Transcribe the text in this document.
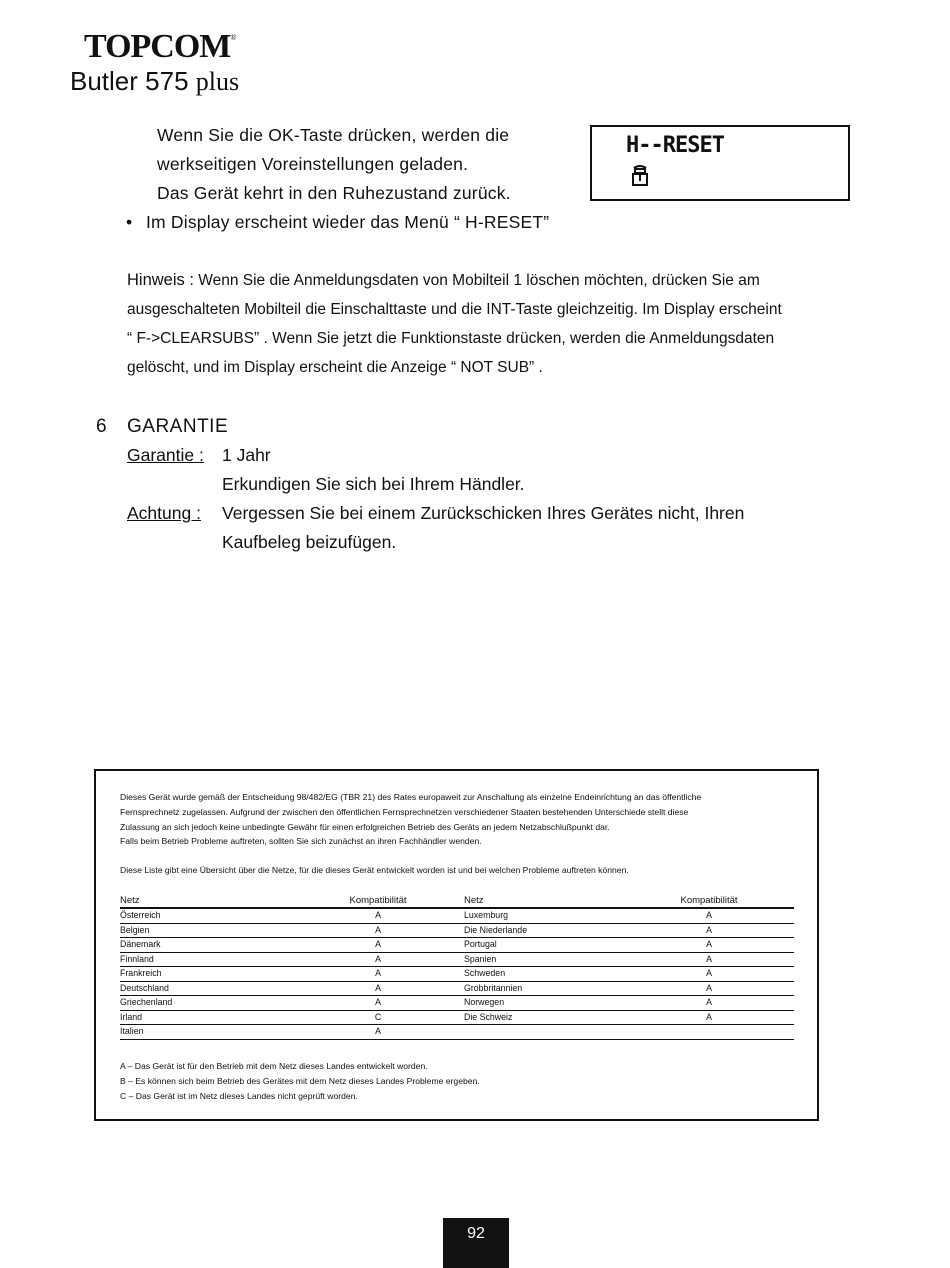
TOPCOM®
Butler 575 plus
Wenn Sie die OK-Taste drücken, werden die
werkseitigen Voreinstellungen geladen.
Das Gerät kehrt in den Ruhezustand zurück.
• Im Display erscheint wieder das Menü “ H-RESET”
H--RESET
Hinweis : Wenn Sie die Anmeldungsdaten von Mobilteil 1 löschen möchten, drücken Sie am
ausgeschalteten Mobilteil die Einschalttaste und die INT-Taste gleichzeitig. Im Display erscheint
“ F->CLEARSUBS” . Wenn Sie jetzt die Funktionstaste drücken, werden die Anmeldungsdaten
gelöscht, und im Display erscheint die Anzeige “ NOT SUB” .
6 GARANTIE
Garantie : 1 Jahr
Erkundigen Sie sich bei Ihrem Händler.
Achtung : Vergessen Sie bei einem Zurückschicken Ihres Gerätes nicht, Ihren
Kaufbeleg beizufügen.

Dieses Gerät wurde gemäß der Entscheidung 98/482/EG (TBR 21) des Rates europaweit zur Anschaltung als einzelne Endeinrichtung an das öffentliche

Fernsprechnetz zugelassen. Aufgrund der zwischen den öffentlichen Fernsprechnetzen verschiedener Staaten bestehenden Unterschiede stellt diese

Zulassung an sich jedoch keine unbedingte Gewähr für einen erfolgreichen Betrieb des Geräts an jedem Netzabschlußpunkt dar.

Falls beim Betrieb Probleme auftreten, sollten Sie sich zunächst an ihren Fachhändler wenden.

Diese Liste gibt eine Übersicht über die Netze, für die dieses Gerät entwickelt worden ist und bei welchen Probleme auftreten können.

Netz	Kompatibilität	Netz	Kompatibilität
Österreich	A	Luxemburg	A
Belgien	A	Die Niederlande	A
Dänemark	A	Portugal	A
Finnland	A	Spanien	A
Frankreich	A	Schweden	A
Deutschland	A	Grobbritannien	A
Griechenland	A	Norwegen	A
Irland	C	Die Schweiz	A
Italien	A		

A – Das Gerät ist für den Betrieb mit dem Netz dieses Landes entwickelt worden.

B – Es können sich beim Betrieb des Gerätes mit dem Netz dieses Landes Probleme ergeben.

C – Das Gerät ist im Netz dieses Landes nicht geprüft worden.

92
